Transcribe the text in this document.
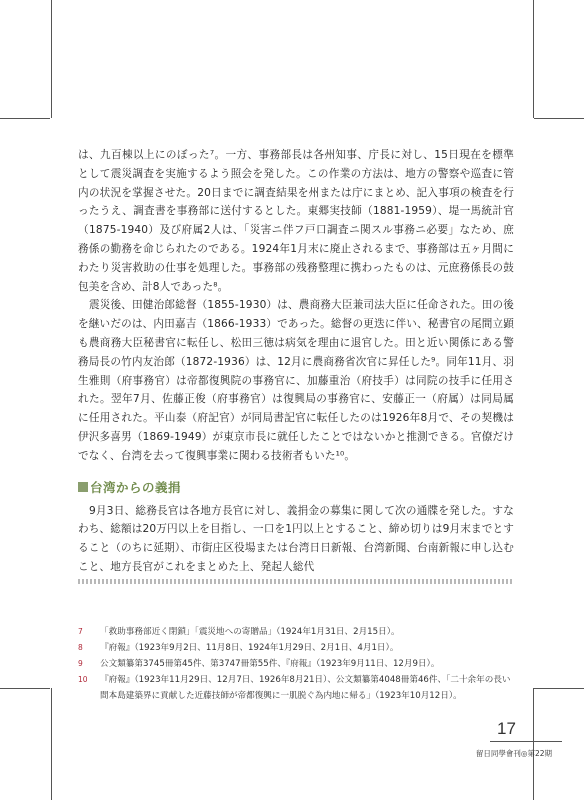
は、九百棟以上にのぼった⁷。一方、事務部長は各州知事、庁長に対し、15日現在を標準として震災調査を実施するよう照会を発した。この作業の方法は、地方の警察や巡査に管内の状況を掌握させた。20日までに調査結果を州または庁にまとめ、記入事項の検査を行ったうえ、調査書を事務部に送付するとした。東郷実技師（1881-1959）、堤一馬統計官（1875-1940）及び府属2人は、「災害ニ伴フ戸口調査ニ関スル事務ニ必要」なため、庶務係の勤務を命じられたのである。1924年1月末に廃止されるまで、事務部は五ヶ月間にわたり災害救助の仕事を処理した。事務部の残務整理に携わったものは、元庶務係長の鼓包美を含め、計8人であった⁸。

震災後、田健治郎総督（1855-1930）は、農商務大臣兼司法大臣に任命された。田の後を継いだのは、内田嘉吉（1866-1933）であった。総督の更迭に伴い、秘書官の尾間立顕も農商務大臣秘書官に転任し、松田三徳は病気を理由に退官した。田と近い関係にある警務局長の竹内友治郎（1872-1936）は、12月に農商務省次官に昇任した⁹。同年11月、羽生雅則（府事務官）は帝都復興院の事務官に、加藤重治（府技手）は同院の技手に任用された。翌年7月、佐藤正俊（府事務官）は復興局の事務官に、安藤正一（府属）は同局属に任用された。平山泰（府記官）が同局書記官に転任したのは1926年8月で、その契機は伊沢多喜男（1869-1949）が東京市長に就任したことではないかと推測できる。官僚だけでなく、台湾を去って復興事業に関わる技術者もいた¹⁰。

台湾からの義捐

9月3日、総務長官は各地方長官に対し、義捐金の募集に関して次の通牒を発した。すなわち、総額は20万円以上を目指し、一口を1円以上とすること、締め切りは9月末までとすること（のちに延期）、市街庄区役場または台湾日日新報、台湾新聞、台南新報に申し込むこと、地方長官がこれをまとめた上、発起人総代

7	「救助事務部近く閉鎖」「震災地への寄贈品」（1924年1月31日、2月15日）。
8	『府報』（1923年9月2日、11月8日、1924年1月29日、2月1日、4月1日）。
9	公文類纂第3745冊第45件、第3747冊第55件、『府報』（1923年9月11日、12月9日）。
10	『府報』（1923年11月29日、12月7日、1926年8月21日）、公文類纂第4048冊第46件、「二十余年の長い間本島建築界に貢献した近藤技師が帝都復興に一肌脱ぐ為内地に帰る」（1923年10月12日）。
17
留日同學會刊◎第22期
